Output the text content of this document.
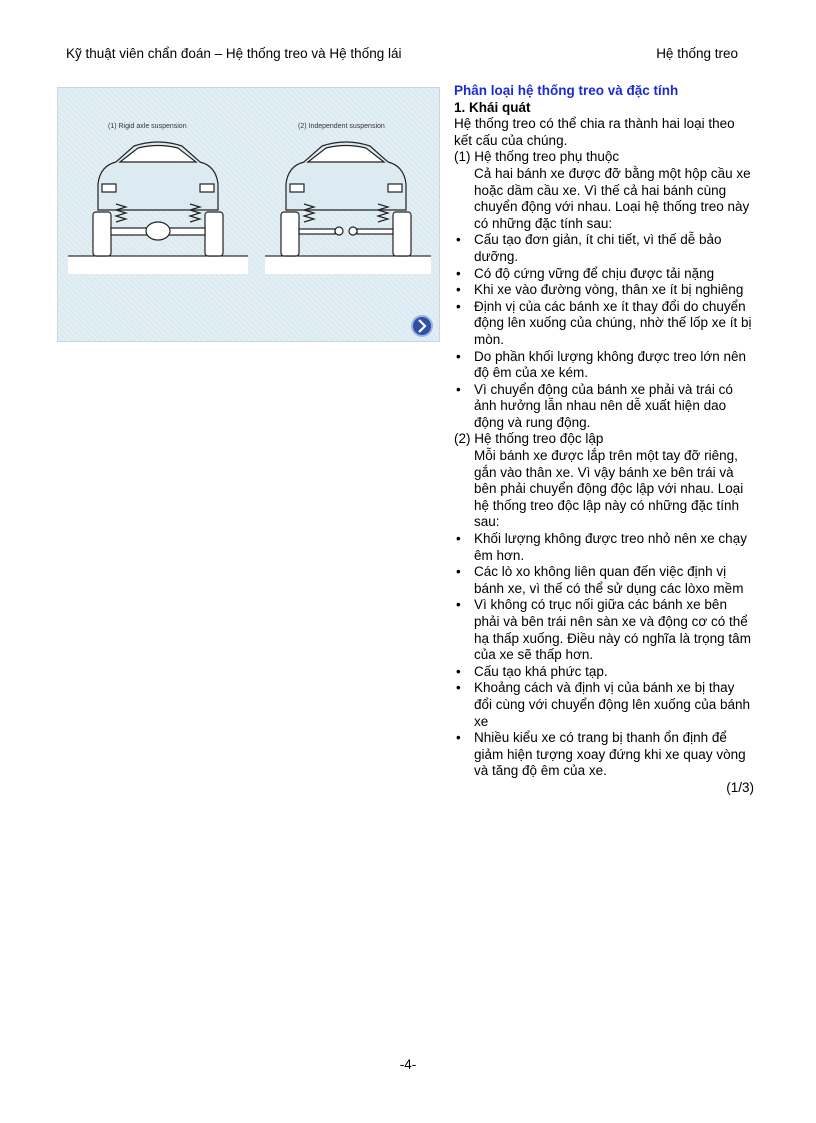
Kỹ thuật viên chẩn đoán – Hệ thống treo và Hệ thống lái	Hệ thống treo
(1) Rigid axle suspension	(2) Independent suspension
Phân loại hệ thống treo và đặc tính
1. Khái quát
Hệ thống treo có thể chia ra thành hai loại theo kết cấu của chúng.
(1) Hệ thống treo phụ thuộc
Cả hai bánh xe được đỡ bằng một hộp cầu xe hoặc dầm cầu xe. Vì thế cả hai bánh cùng chuyển động với nhau. Loại hệ thống treo này có những đặc tính sau:
• Cấu tạo đơn giản, ít chi tiết, vì thế dễ bảo dưỡng.
• Có độ cứng vững để chịu được tải nặng
• Khi xe vào đường vòng, thân xe ít bị nghiêng
• Định vị của các bánh xe ít thay đổi do chuyển động lên xuống của chúng, nhờ thế lốp xe ít bị mòn.
• Do phần khối lượng không được treo lớn nên độ êm của xe kém.
• Vì chuyển động của bánh xe phải và trái có ảnh hưởng lẫn nhau nên dễ xuất hiện dao động và rung động.
(2) Hệ thống treo độc lập
Mỗi bánh xe được lắp trên một tay đỡ riêng, gắn vào thân xe. Vì vậy bánh xe bên trái và bên phải chuyển động độc lập với nhau. Loại hệ thống treo độc lập này có những đặc tính sau:
• Khối lượng không được treo nhỏ nên xe chạy êm hơn.
• Các lò xo không liên quan đến việc định vị bánh xe, vì thế có thể sử dụng các lòxo mềm
• Vì không có trục nối giữa các bánh xe bên phải và bên trái nên sàn xe và động cơ có thể hạ thấp xuống. Điều này có nghĩa là trọng tâm của xe sẽ thấp hơn.
• Cấu tạo khá phức tạp.
• Khoảng cách và định vị của bánh xe bị thay đổi cùng với chuyển động lên xuống của bánh xe
• Nhiều kiểu xe có trang bị thanh ổn định để giảm hiện tượng xoay đứng khi xe quay vòng và tăng độ êm của xe.
(1/3)
-4-
